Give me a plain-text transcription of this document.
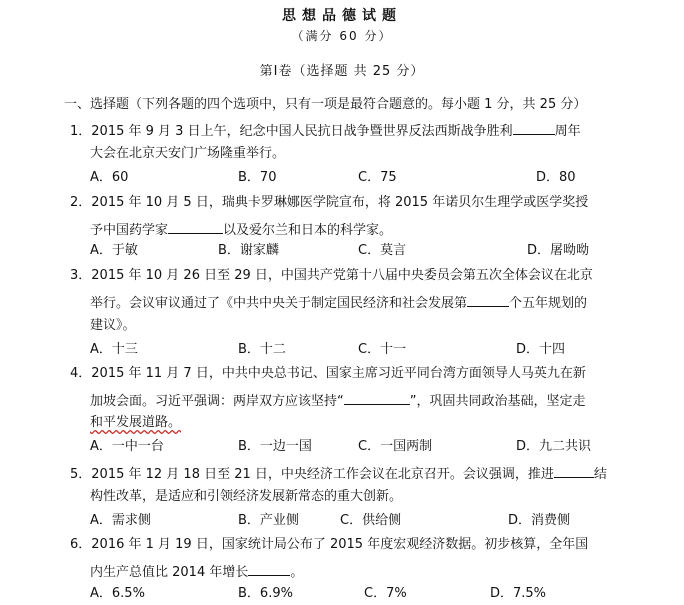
思想品德试题
（满分 60 分）
第Ⅰ卷（选择题 共 25 分）
一、选择题（下列各题的四个选项中，只有一项是最符合题意的。每小题 1 分，共 25 分）
1．2015 年 9 月 3 日上午，纪念中国人民抗日战争暨世界反法西斯战争胜利	周年
大会在北京天安门广场隆重举行。
A．60	B．70	C．75	D．80
2．2015 年 10 月 5 日，瑞典卡罗琳娜医学院宣布，将 2015 年诺贝尔生理学或医学奖授
予中国药学家	以及爱尔兰和日本的科学家。
A．于敏	B．谢家麟	C．莫言	D．屠呦呦
3．2015 年 10 月 26 日至 29 日，中国共产党第十八届中央委员会第五次全体会议在北京
举行。会议审议通过了《中共中央关于制定国民经济和社会发展第	个五年规划的
建议》。
A．十三	B．十二	C．十一	D．十四
4．2015 年 11 月 7 日，中共中央总书记、国家主席习近平同台湾方面领导人马英九在新
加坡会面。习近平强调：两岸双方应该坚持“	”，巩固共同政治基础，坚定走
和平发展道路。
A．一中一台	B．一边一国	C．一国两制	D．九二共识
5．2015 年 12 月 18 日至 21 日，中央经济工作会议在北京召开。会议强调，推进	结
构性改革，是适应和引领经济发展新常态的重大创新。
A．需求侧	B．产业侧	C．供给侧	D．消费侧
6．2016 年 1 月 19 日，国家统计局公布了 2015 年度宏观经济数据。初步核算，全年国
内生产总值比 2014 年增长	。
A．6.5%	B．6.9%	C．7%	D．7.5%
